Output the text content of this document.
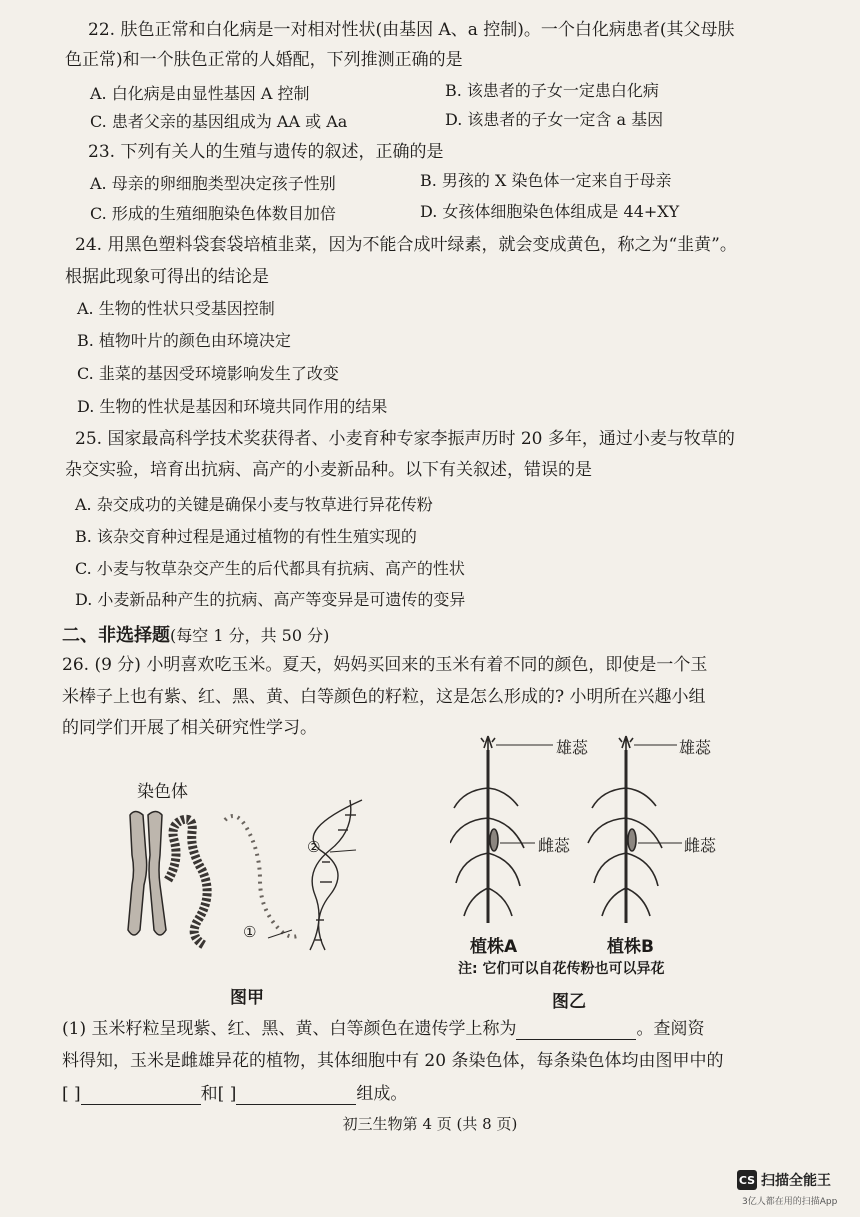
22. 肤色正常和白化病是一对相对性状(由基因 A、a 控制)。一个白化病患者(其父母肤
色正常)和一个肤色正常的人婚配，下列推测正确的是
A. 白化病是由显性基因 A 控制	B. 该患者的子女一定患白化病
C. 患者父亲的基因组成为 AA 或 Aa	D. 该患者的子女一定含 a 基因
23. 下列有关人的生殖与遗传的叙述，正确的是
A. 母亲的卵细胞类型决定孩子性别	B. 男孩的 X 染色体一定来自于母亲
C. 形成的生殖细胞染色体数目加倍	D. 女孩体细胞染色体组成是 44+XY
24. 用黑色塑料袋套袋培植韭菜，因为不能合成叶绿素，就会变成黄色，称之为“韭黄”。
根据此现象可得出的结论是
A. 生物的性状只受基因控制
B. 植物叶片的颜色由环境决定
C. 韭菜的基因受环境影响发生了改变
D. 生物的性状是基因和环境共同作用的结果
25. 国家最高科学技术奖获得者、小麦育种专家李振声历时 20 多年，通过小麦与牧草的
杂交实验，培育出抗病、高产的小麦新品种。以下有关叙述，错误的是
A. 杂交成功的关键是确保小麦与牧草进行异花传粉
B. 该杂交育种过程是通过植物的有性生殖实现的
C. 小麦与牧草杂交产生的后代都具有抗病、高产的性状
D. 小麦新品种产生的抗病、高产等变异是可遗传的变异
二、非选择题(每空 1 分，共 50 分)
26. (9 分) 小明喜欢吃玉米。夏天，妈妈买回来的玉米有着不同的颜色，即使是一个玉
米棒子上也有紫、红、黑、黄、白等颜色的籽粒，这是怎么形成的? 小明所在兴趣小组
的同学们开展了相关研究性学习。
染色体
①
②
图甲
雄蕊
雌蕊
雄蕊
雌蕊
植株A	植株B
注: 它们可以自花传粉也可以异花
图乙
(1) 玉米籽粒呈现紫、红、黑、黄、白等颜色在遗传学上称为	。查阅资
料得知，玉米是雌雄异花的植物，其体细胞中有 20 条染色体，每条染色体均由图甲中的
[ ]	和[ ]	组成。
初三生物第 4 页 (共 8 页)
CS 扫描全能王
3亿人都在用的扫描App
